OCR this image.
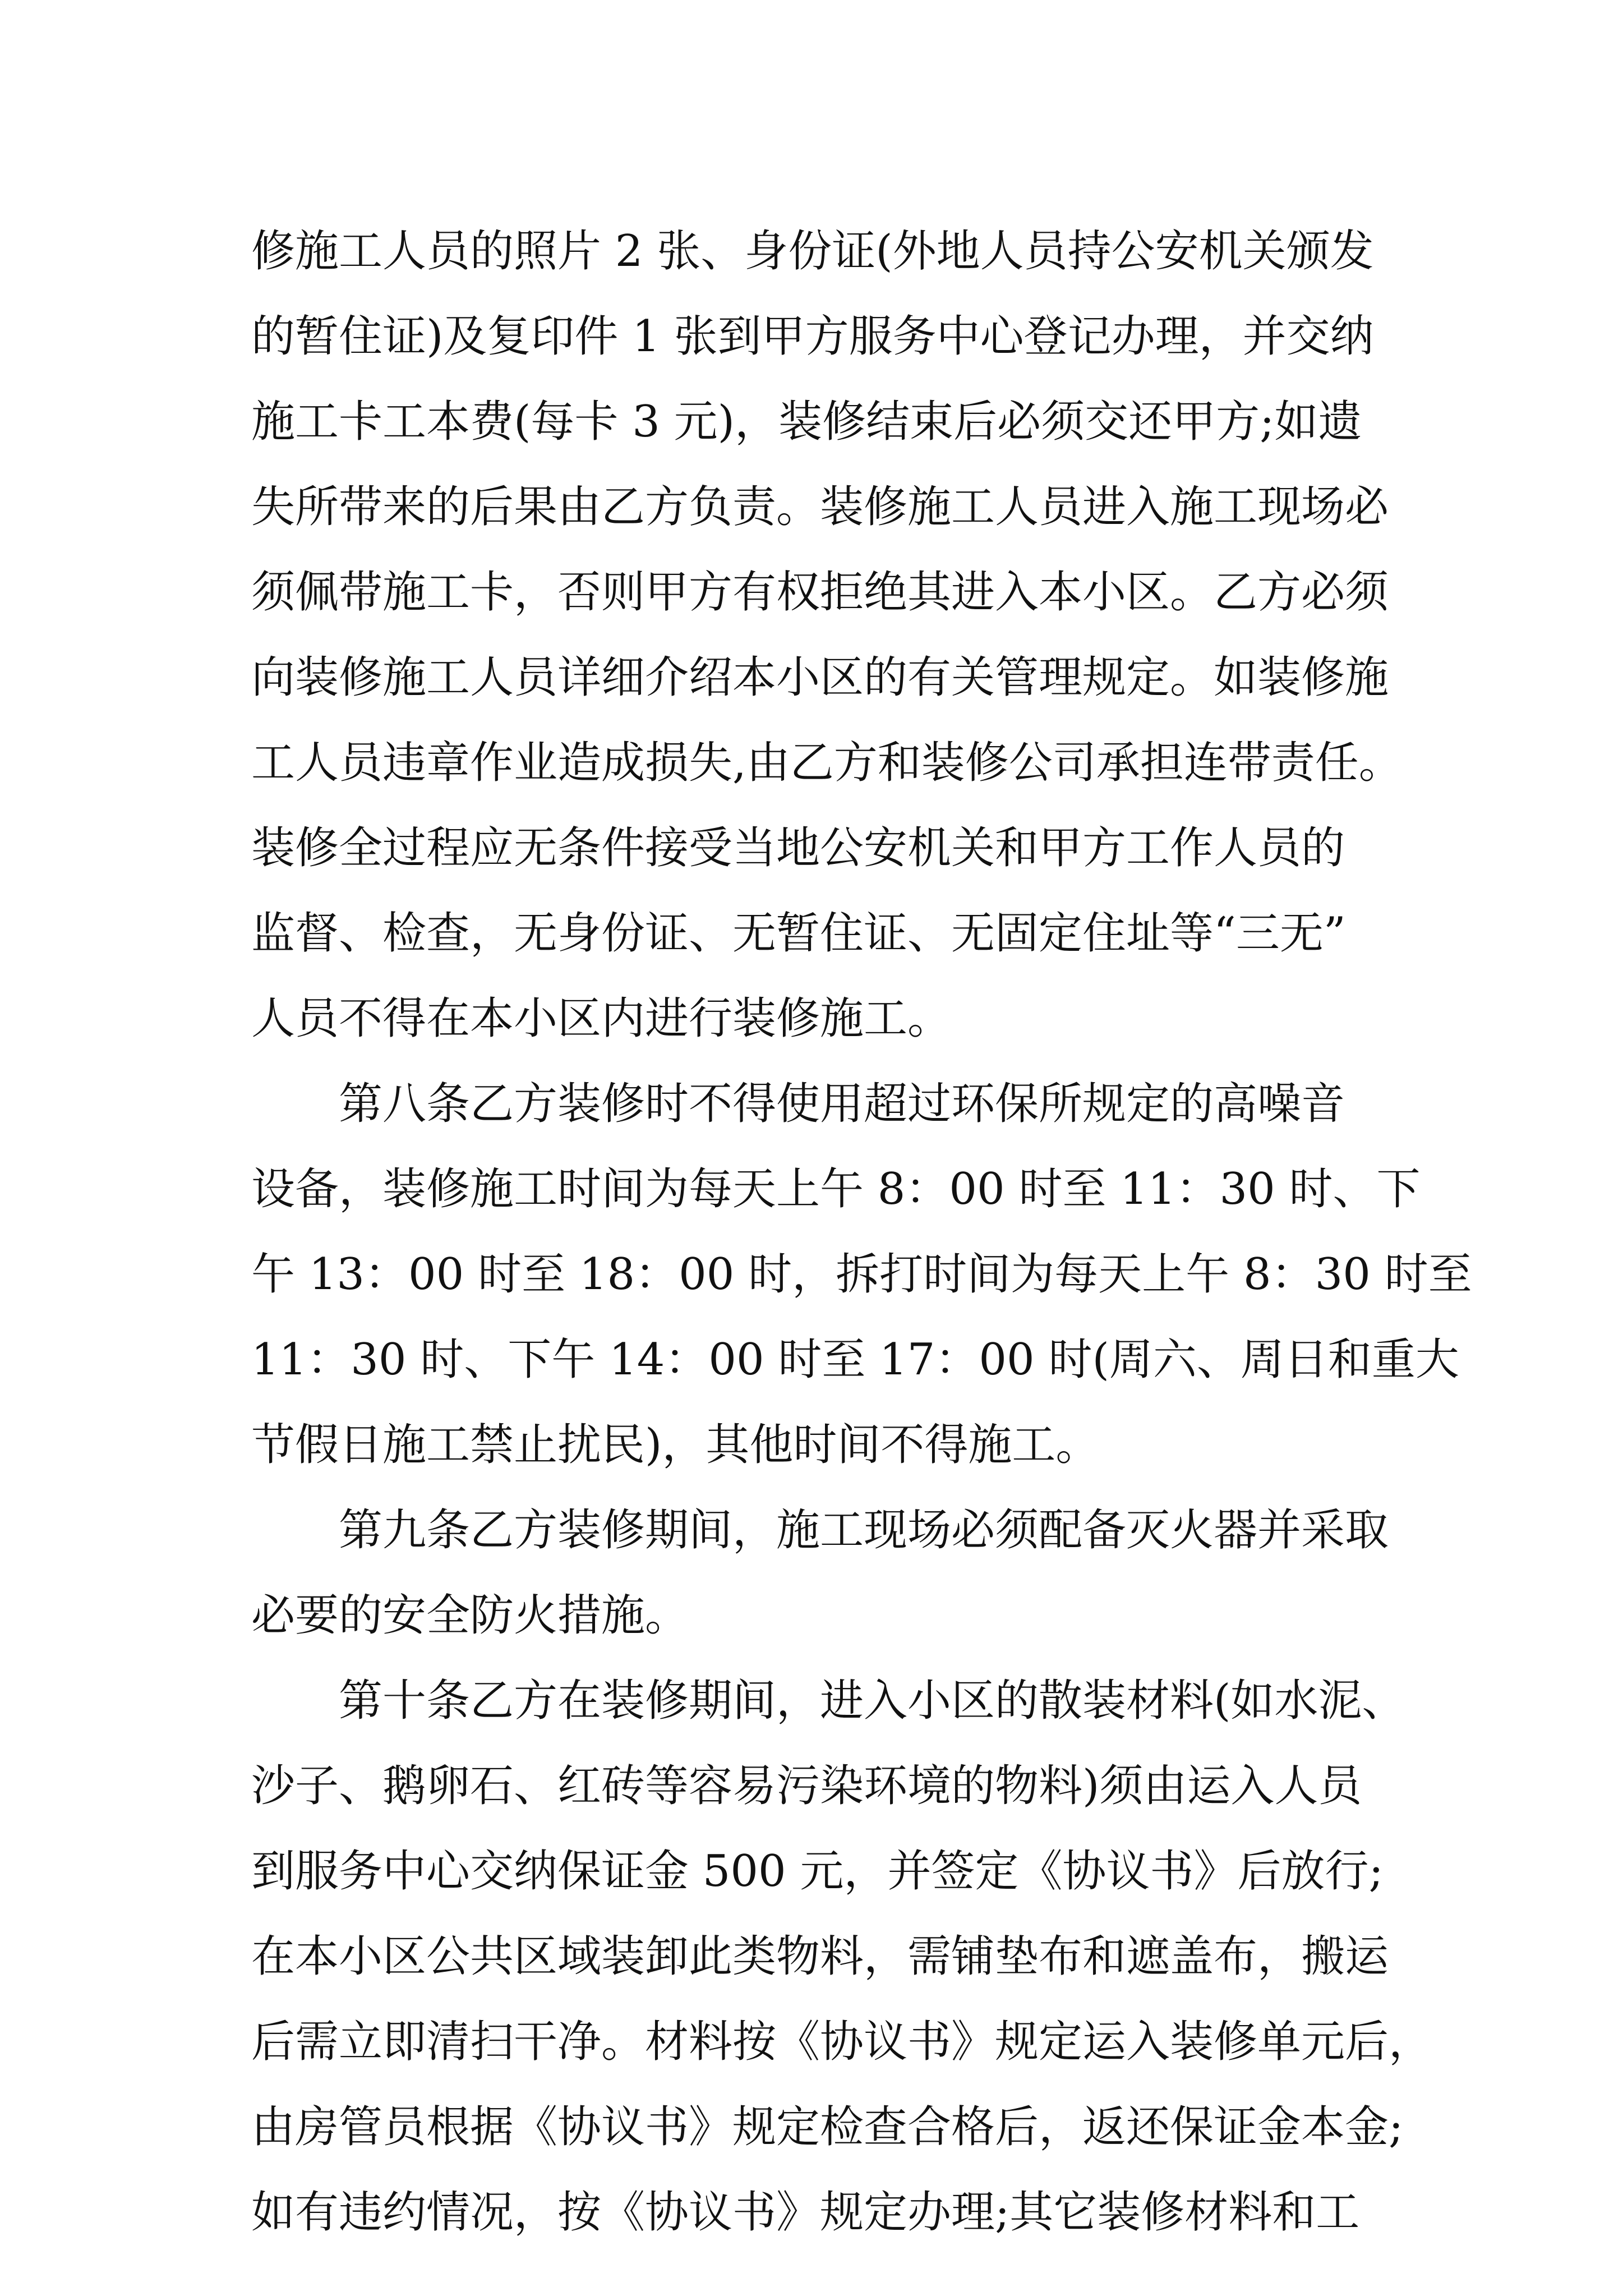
修施工人员的照片 2 张、身份证(外地人员持公安机关颁发
的暂住证)及复印件 1 张到甲方服务中心登记办理，并交纳
施工卡工本费(每卡 3 元)，装修结束后必须交还甲方;如遗
失所带来的后果由乙方负责。装修施工人员进入施工现场必
须佩带施工卡，否则甲方有权拒绝其进入本小区。乙方必须
向装修施工人员详细介绍本小区的有关管理规定。如装修施
工人员违章作业造成损失,由乙方和装修公司承担连带责任。
装修全过程应无条件接受当地公安机关和甲方工作人员的
监督、检查，无身份证、无暂住证、无固定住址等“三无”
人员不得在本小区内进行装修施工。
第八条乙方装修时不得使用超过环保所规定的高噪音
设备，装修施工时间为每天上午 8：00 时至 11：30 时、下
午 13：00 时至 18：00 时，拆打时间为每天上午 8：30 时至
11：30 时、下午 14：00 时至 17：00 时(周六、周日和重大
节假日施工禁止扰民)，其他时间不得施工。
第九条乙方装修期间，施工现场必须配备灭火器并采取
必要的安全防火措施。
第十条乙方在装修期间，进入小区的散装材料(如水泥、
沙子、鹅卵石、红砖等容易污染环境的物料)须由运入人员
到服务中心交纳保证金 500 元，并签定《协议书》后放行;
在本小区公共区域装卸此类物料，需铺垫布和遮盖布，搬运
后需立即清扫干净。材料按《协议书》规定运入装修单元后，
由房管员根据《协议书》规定检查合格后，返还保证金本金;
如有违约情况，按《协议书》规定办理;其它装修材料和工
